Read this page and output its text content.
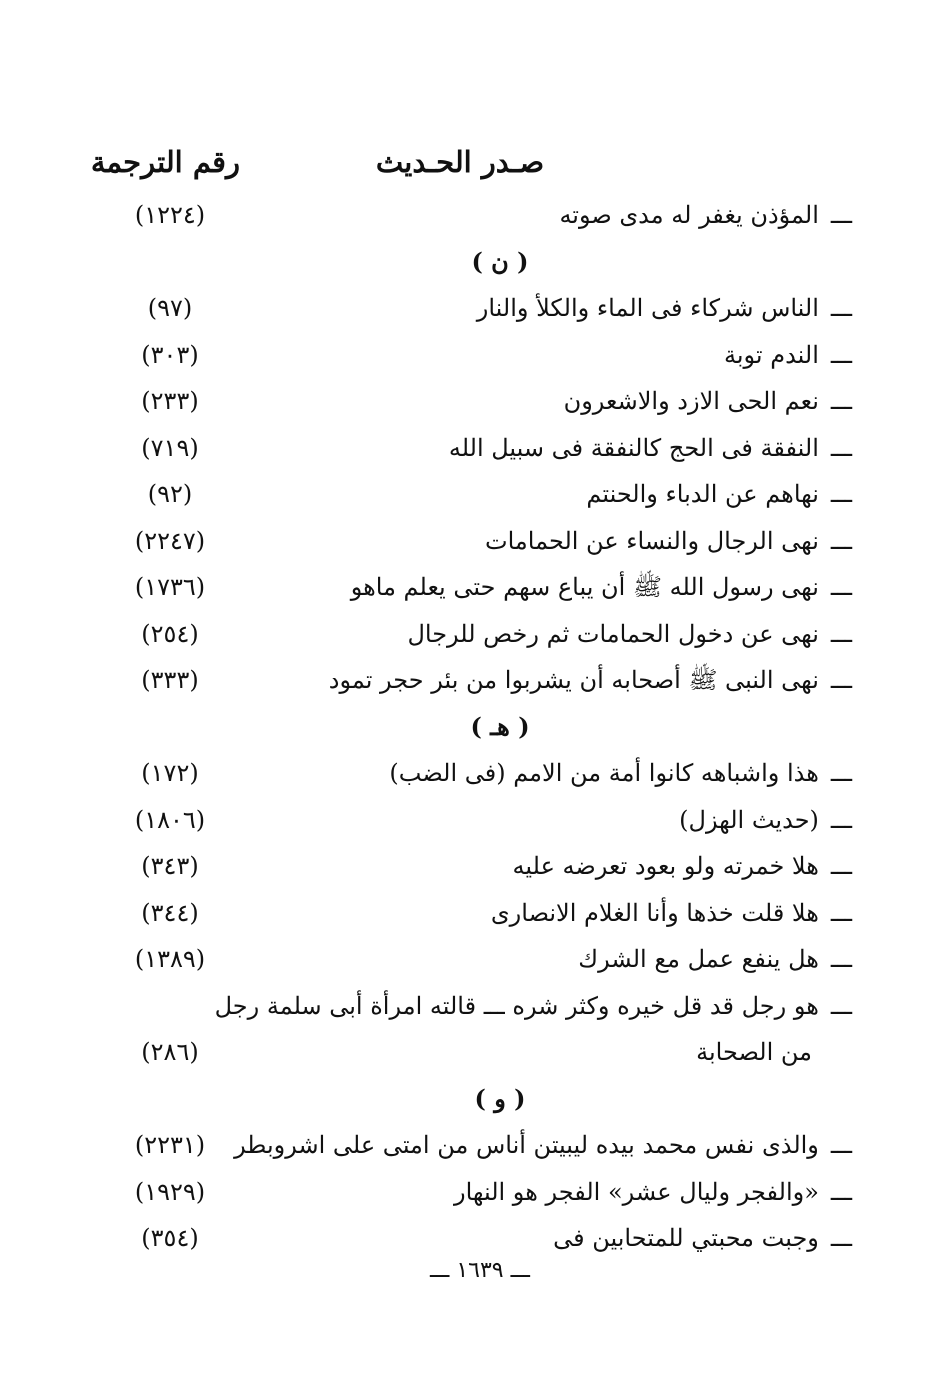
صـدر الحـديث
رقم الترجمة
ـــالمؤذن يغفر له مدى صوته
(١٢٢٤)
( ن )
ـــالناس شركاء فى الماء والكلأ والنار
(٩٧)
ـــالندم توبة
(٣٠٣)
ـــنعم الحى الازد والاشعرون
(٢٣٣)
ـــالنفقة فى الحج كالنفقة فى سبيل الله
(٧١٩)
ـــنهاهم عن الدباء والحنتم
(٩٢)
ـــنهى الرجال والنساء عن الحمامات
(٢٢٤٧)
ـــنهى رسول الله ﷺ أن يباع سهم حتى يعلم ماهو
(١٧٣٦)
ـــنهى عن دخول الحمامات ثم رخص للرجال
(٢٥٤)
ـــنهى النبى ﷺ أصحابه أن يشربوا من بئر حجر تمود
(٣٣٣)
( هـ )
ـــهذا واشباهه كانوا أمة من الامم (فى الضب)
(١٧٢)
ـــ(حديث الهزل)
(١٨٠٦)
ـــهلا خمرته ولو بعود تعرضه عليه
(٣٤٣)
ـــهلا قلت خذها وأنا الغلام الانصارى
(٣٤٤)
ـــهل ينفع عمل مع الشرك
(١٣٨٩)
من الصحابة
(٢٨٦)
ـــهو رجل قد قل خيره وكثر شره ـــ قالته امرأة أبى سلمة رجل
( و )
ـــوالذى نفس محمد بيده ليبيتن أناس من امتى على اشروبطر
(٢٢٣١)
ـــ«والفجر وليال عشر» الفجر هو النهار
(١٩٢٩)
ـــوجبت محبتي للمتحابين فى
(٣٥٤)
ـــ ١٦٣٩ ـــ
